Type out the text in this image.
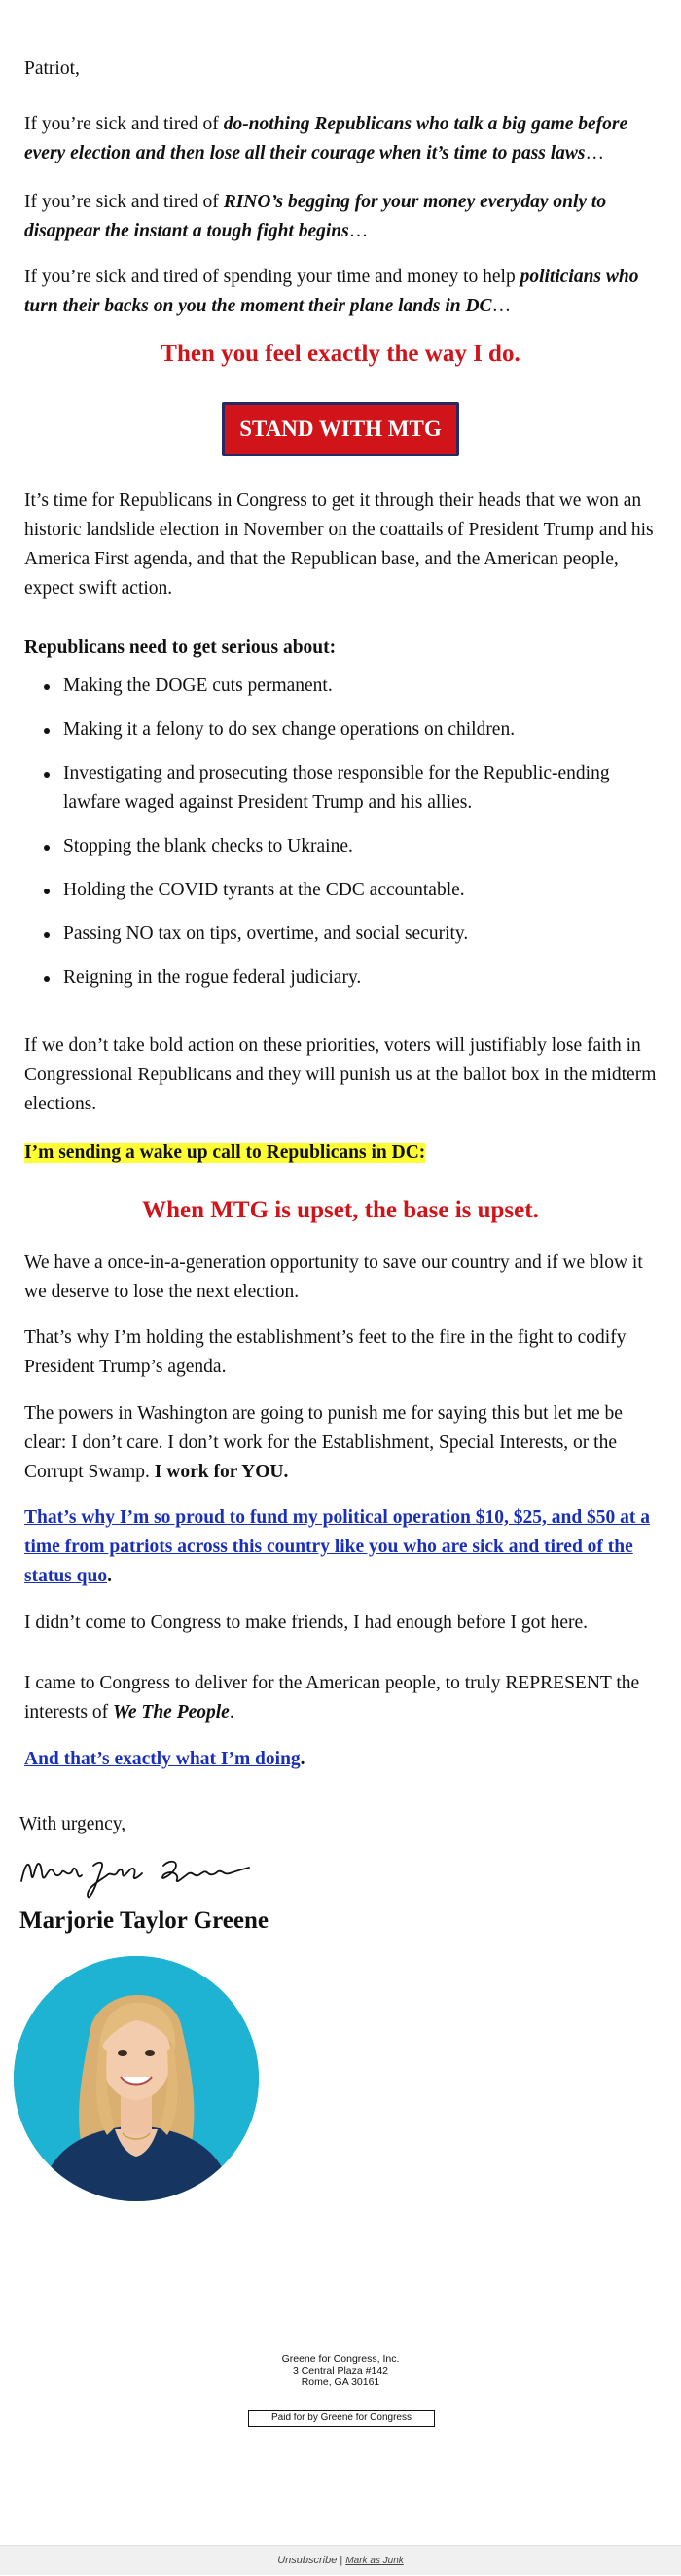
Patriot,

If you’re sick and tired of do-nothing Republicans who talk a big game before every election and then lose all their courage when it’s time to pass laws…

If you’re sick and tired of RINO’s begging for your money everyday only to disappear the instant a tough fight begins…

If you’re sick and tired of spending your time and money to help politicians who turn their backs on you the moment their plane lands in DC…

Then you feel exactly the way I do.
STAND WITH MTG

It’s time for Republicans in Congress to get it through their heads that we won an historic landslide election in November on the coattails of President Trump and his America First agenda, and that the Republican base, and the American people, expect swift action.

Republicans need to get serious about:

Making the DOGE cuts permanent.
Making it a felony to do sex change operations on children.
Investigating and prosecuting those responsible for the Republic-ending lawfare waged against President Trump and his allies.
Stopping the blank checks to Ukraine.
Holding the COVID tyrants at the CDC accountable.
Passing NO tax on tips, overtime, and social security.
Reigning in the rogue federal judiciary.

If we don’t take bold action on these priorities, voters will justifiably lose faith in Congressional Republicans and they will punish us at the ballot box in the midterm elections.

I’m sending a wake up call to Republicans in DC:

When MTG is upset, the base is upset.

We have a once-in-a-generation opportunity to save our country and if we blow it we deserve to lose the next election.

That’s why I’m holding the establishment’s feet to the fire in the fight to codify President Trump’s agenda.

The powers in Washington are going to punish me for saying this but let me be clear: I don’t care. I don’t work for the Establishment, Special Interests, or the Corrupt Swamp. I work for YOU.

That’s why I’m so proud to fund my political operation $10, $25, and $50 at a time from patriots across this country like you who are sick and tired of the status quo.

I didn’t come to Congress to make friends, I had enough before I got here.

I came to Congress to deliver for the American people, to truly REPRESENT the interests of We The People.

And that’s exactly what I’m doing.

With urgency,

Marjorie Taylor Greene
Greene for Congress, Inc.
3 Central Plaza #142
Rome, GA 30161
Paid for by Greene for Congress
Unsubscribe | Mark as Junk
